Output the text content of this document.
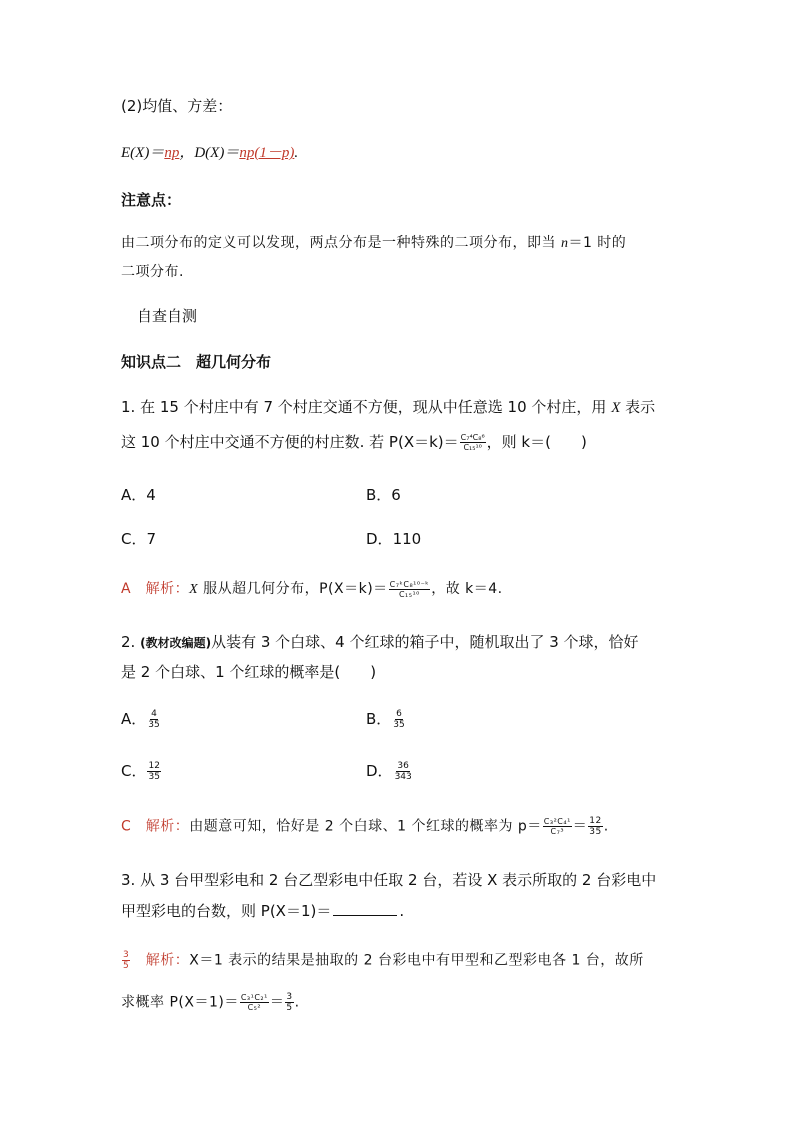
(2)均值、方差：
E(X)＝np，D(X)＝np(1－p).
注意点：
由二项分布的定义可以发现，两点分布是一种特殊的二项分布，即当 n＝1 时的
二项分布.
自查自测
知识点二　超几何分布
1. 在 15 个村庄中有 7 个村庄交通不方便，现从中任意选 10 个村庄，用 X 表示
这 10 个村庄中交通不方便的村庄数. 若 $P(X=k)= \frac{\text{C₇⁴C₈⁶}}{\text{C₁₅¹⁰}}$ ，则 k＝(　　)
A．4	B．6
C．7	D．110
A　 解析：X 服从超几何分布，$P(X=k)= \frac{\text{C₇ᵏC₈¹⁰⁻ᵏ}}{\text{C₁₅¹⁰}}$ ，故 k＝4.
2. (教材改编题)从装有 3 个白球、4 个红球的箱子中，随机取出了 3 个球，恰好
是 2 个白球、1 个红球的概率是(　　)
A． $\frac{4}{35}$	B． $\frac{6}{35}$
C． $\frac{12}{35}$	D． $\frac{36}{343}$
C　 解析：由题意可知，恰好是 2 个白球、1 个红球的概率为 $p= \frac{\text{C₃²C₄¹}}{\text{C₇³}} = \frac{12}{35}$ .
3. 从 3 台甲型彩电和 2 台乙型彩电中任取 2 台，若设 X 表示所取的 2 台彩电中
甲型彩电的台数，则 P(X＝1)＝	.
$\frac{3}{5}$
　 解析：X＝1 表示的结果是抽取的 2 台彩电中有甲型和乙型彩电各 1 台，故所
求概率 $P(X=1)= \frac{\text{C₃¹C₂¹}}{\text{C₅²}} = \frac{3}{5}$ .
